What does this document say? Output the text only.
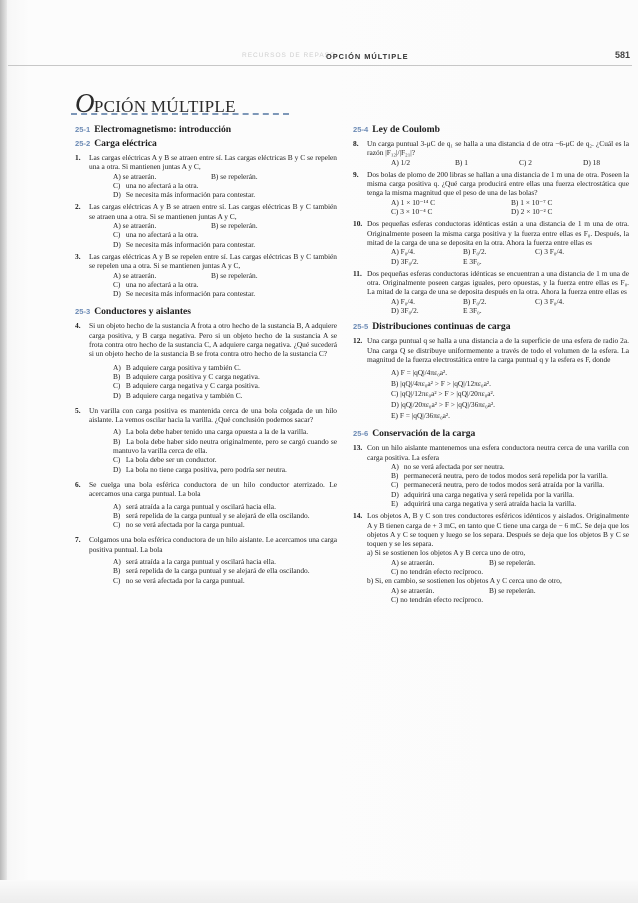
RECURSOS DE REPASO
OPCIÓN MÚLTIPLE	581
OPCIÓN MÚLTIPLE
25-1 Electromagnetismo: introducción
25-2 Carga eléctrica
1. Las cargas eléctricas A y B se atraen entre sí. Las cargas eléctricas B y C se repelen una a otra. Si mantienen juntas A y C,
A) se atraerán.	B) se repelerán.
C) una no afectará a la otra.
D) Se necesita más información para contestar.
2. Las cargas eléctricas A y B se atraen entre sí. Las cargas eléctricas B y C también se atraen una a otra. Si se mantienen juntas A y C,
A) se atraerán.	B) se repelerán.
C) una no afectará a la otra.
D) Se necesita más información para contestar.
3. Las cargas eléctricas A y B se repelen entre sí. Las cargas eléctricas B y C también se repelen una a otra. Si se mantienen juntas A y C,
A) se atraerán.	B) se repelerán.
C) una no afectará a la otra.
D) Se necesita más información para contestar.
25-3 Conductores y aislantes
4. Si un objeto hecho de la sustancia A frota a otro hecho de la sustancia B, A adquiere carga positiva, y B carga negativa. Pero si un objeto hecho de la sustancia A se frota contra otro hecho de la sustancia C, A adquiere carga negativa. ¿Qué sucederá si un objeto hecho de la sustancia B se frota contra otro hecho de la sustancia C?
A) B adquiere carga positiva y también C.
B) B adquiere carga positiva y C carga negativa.
C) B adquiere carga negativa y C carga positiva.
D) B adquiere carga negativa y también C.
5. Un varilla con carga positiva es mantenida cerca de una bola colgada de un hilo aislante. La vemos oscilar hacia la varilla. ¿Qué conclusión podemos sacar?
A) La bola debe haber tenido una carga opuesta a la de la varilla.
B) La bola debe haber sido neutra originalmente, pero se cargó cuando se mantuvo la varilla cerca de ella.
C) La bola debe ser un conductor.
D) La bola no tiene carga positiva, pero podría ser neutra.
6. Se cuelga una bola esférica conductora de un hilo conductor aterrizado. Le acercamos una carga puntual. La bola
A) será atraída a la carga puntual y oscilará hacia ella.
B) será repelida de la carga puntual y se alejará de ella oscilando.
C) no se verá afectada por la carga puntual.
7. Colgamos una bola esférica conductora de un hilo aislante. Le acercamos una carga positiva puntual. La bola
A) será atraída a la carga puntual y oscilará hacia ella.
B) será repelida de la carga puntual y se alejará de ella oscilando.
C) no se verá afectada por la carga puntual.
25-4 Ley de Coulomb
8. Un carga puntual 3-μC de q₁ se halla a una distancia d de otra −6-μC de q₂. ¿Cuál es la razón |F₁₂|/|F₂₁|?
A) 1/2	B) 1	C) 2	D) 18
9. Dos bolas de plomo de 200 libras se hallan a una distancia de 1 m una de otra. Poseen la misma carga positiva q. ¿Qué carga producirá entre ellas una fuerza electrostática que tenga la misma magnitud que el peso de una de las bolas?
A) 1 × 10⁻¹⁴ C	B) 1 × 10⁻⁷ C
C) 3 × 10⁻⁴ C	D) 2 × 10⁻² C
10. Dos pequeñas esferas conductoras idénticas están a una distancia de 1 m una de otra. Originalmente poseen la misma carga positiva y la fuerza entre ellas es F₀. Después, la mitad de la carga de una se deposita en la otra. Ahora la fuerza entre ellas es
A) F₀/4.	B) F₀/2.	C) 3 F₀/4.
D) 3F₀/2.	E 3F₀.
11. Dos pequeñas esferas conductoras idénticas se encuentran a una distancia de 1 m una de otra. Originalmente poseen cargas iguales, pero opuestas, y la fuerza entre ellas es F₀. La mitad de la carga de una se deposita después en la otra. Ahora la fuerza entre ellas es
A) F₀/4.	B) F₀/2.	C) 3 F₀/4.
D) 3F₀/2.	E 3F₀.
25-5 Distribuciones continuas de carga
12. Una carga puntual q se halla a una distancia a de la superficie de una esfera de radio 2a. Una carga Q se distribuye uniformemente a través de todo el volumen de la esfera. La magnitud de la fuerza electrostática entre la carga puntual q y la esfera es F, donde
A) F = |qQ|/4πε₀a².
B) |qQ|/4πε₀a² > F > |qQ|/12πε₀a².
C) |qQ|/12πε₀a² > F > |qQ|/20πε₀a².
D) |qQ|/20πε₀a² > F > |qQ|/36πε₀a².
E) F = |qQ|/36πε₀a².
25-6 Conservación de la carga
13. Con un hilo aislante mantenemos una esfera conductora neutra cerca de una varilla con carga positiva. La esfera
A) no se verá afectada por ser neutra.
B) permanecerá neutra, pero de todos modos será repelida por la varilla.
C) permanecerá neutra, pero de todos modos será atraída por la varilla.
D) adquirirá una carga negativa y será repelida por la varilla.
E) adquirirá una carga negativa y será atraída hacia la varilla.
14. Los objetos A, B y C son tres conductores esféricos idénticos y aislados. Originalmente A y B tienen carga de + 3 mC, en tanto que C tiene una carga de − 6 mC. Se deja que los objetos A y C se toquen y luego se los separa. Después se deja que los objetos B y C se toquen y se les separa.
a) Si se sostienen los objetos A y B cerca uno de otro,
A) se atraerán.	B) se repelerán.
C) no tendrán efecto recíproco.
b) Si, en cambio, se sostienen los objetos A y C cerca uno de otro,
A) se atraerán.	B) se repelerán.
C) no tendrán efecto recíproco.
